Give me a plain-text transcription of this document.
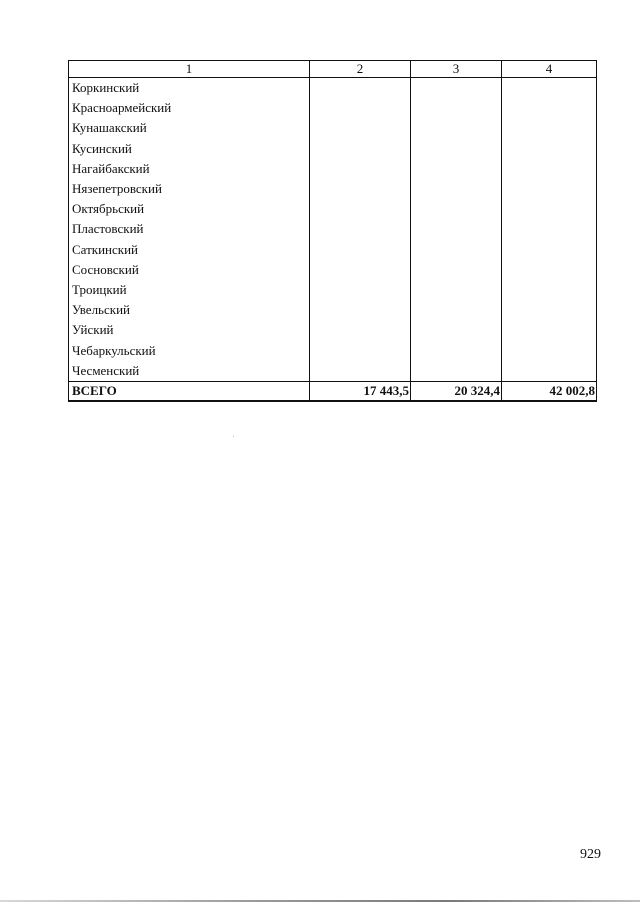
1	2	3	4
Коркинский			
Красноармейский			
Кунашакский			
Кусинский			
Нагайбакский			
Нязепетровский			
Октябрьский			
Пластовский			
Саткинский			
Сосновский			
Троицкий			
Увельский			
Уйский			
Чебаркульский			
Чесменский			
ВСЕГО	17 443,5	20 324,4	42 002,8
929
